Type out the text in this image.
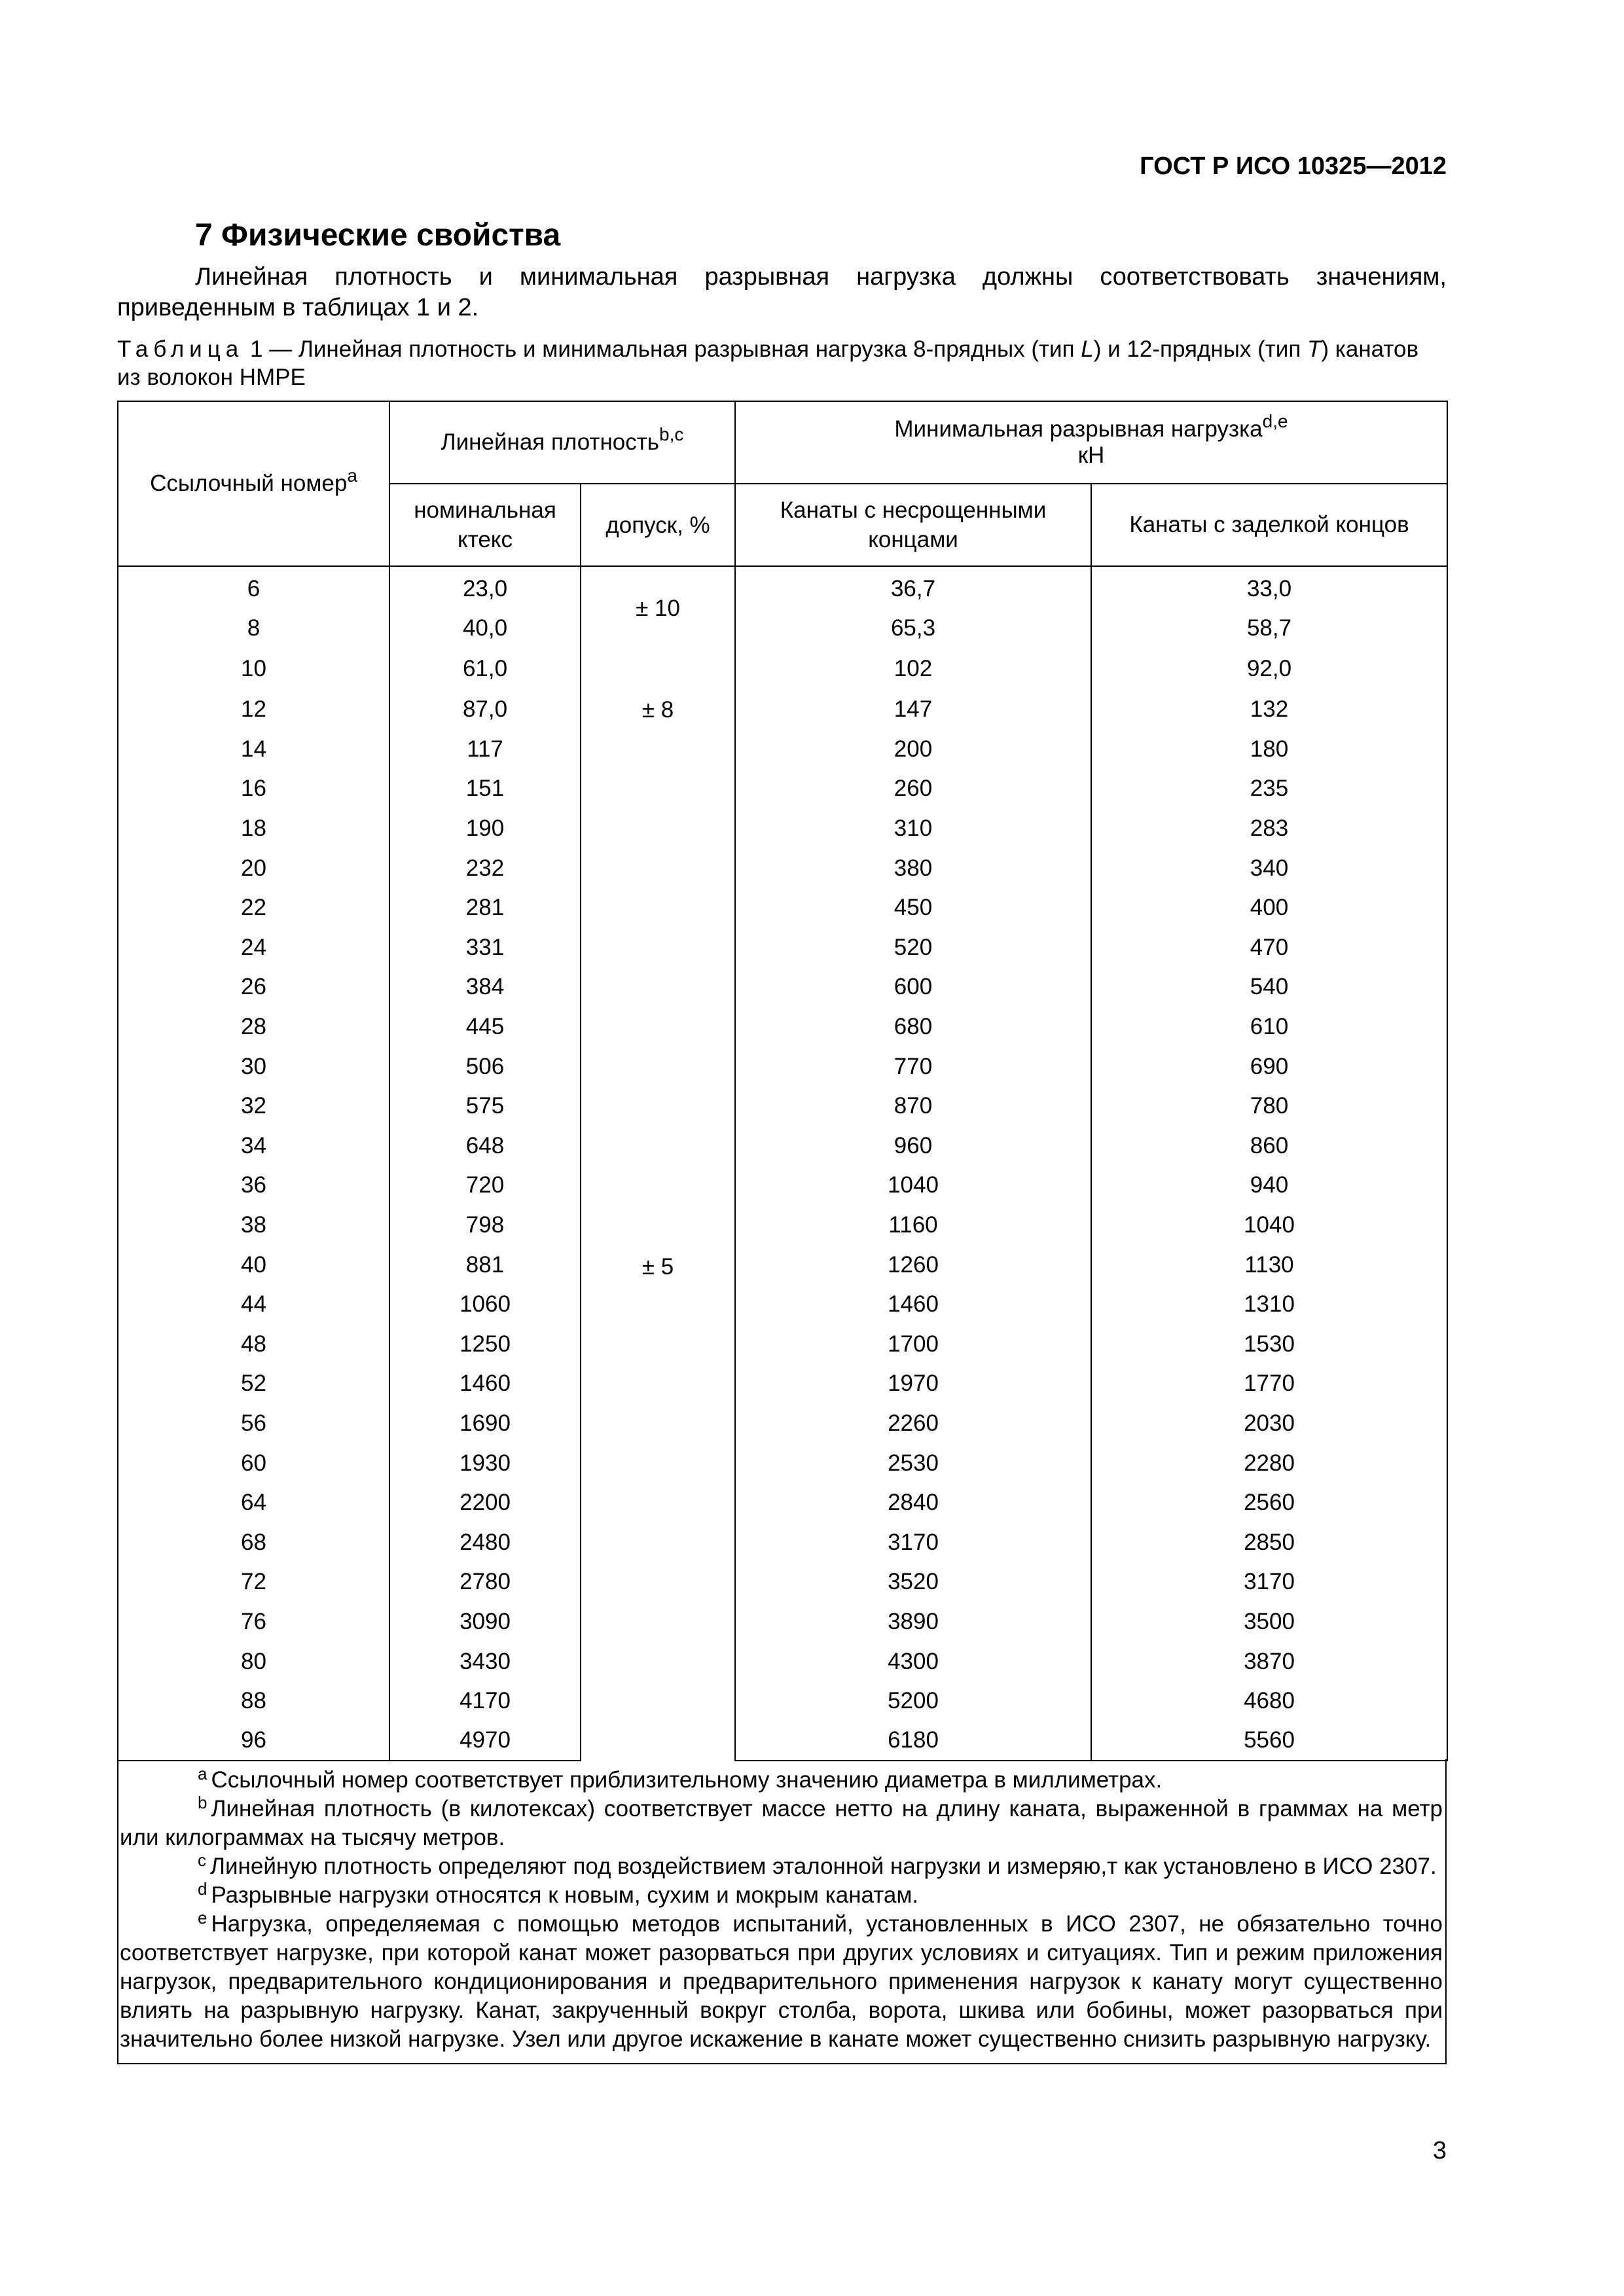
ГОСТ Р ИСО 10325—2012
7 Физические свойства
Линейная плотность и минимальная разрывная нагрузка должны соответствовать значениям, приведенным в таблицах 1 и 2.
Таблица 1 — Линейная плотность и минимальная разрывная нагрузка 8-прядных (тип L) и 12-прядных (тип T) канатов из волокон HMPE
Ссылочный номер$^a$	Линейная плотность$^{b,c}$		Минимальная разрывная нагрузка$^{d,e}$
кН	
	номинальная ктекс	допуск, %	Канаты с несрощенными концами	Канаты с заделкой концов
6	23,0	± 10	36,7	33,0
8	40,0		65,3	58,7
10	61,0	± 8	102	92,0
12	87,0		147	132
14	117	± 5	200	180
16	151		260	235
18	190		310	283
20	232		380	340
22	281		450	400
24	331		520	470
26	384		600	540
28	445		680	610
30	506		770	690
32	575		870	780
34	648		960	860
36	720		1040	940
38	798		1160	1040
40	881		1260	1130
44	1060		1460	1310
48	1250		1700	1530
52	1460		1970	1770
56	1690		2260	2030
60	1930		2530	2280
64	2200		2840	2560
68	2480		3170	2850
72	2780		3520	3170
76	3090		3890	3500
80	3430		4300	3870
88	4170		5200	4680
96	4970		6180	5560

$^a$ Ссылочный номер соответствует приблизительному значению диаметра в миллиметрах.

$^b$ Линейная плотность (в килотексах) соответствует массе нетто на длину каната, выраженной в граммах на метр или килограммах на тысячу метров.

$^c$ Линейную плотность определяют под воздействием эталонной нагрузки и измеряю,т как установлено в ИСО 2307.

$^d$ Разрывные нагрузки относятся к новым, сухим и мокрым канатам.

$^e$ Нагрузка, определяемая с помощью методов испытаний, установленных в ИСО 2307, не обязательно точно соответствует нагрузке, при которой канат может разорваться при других условиях и ситуациях. Тип и режим приложения нагрузок, предварительного кондиционирования и предварительного применения нагрузок к канату могут существенно влиять на разрывную нагрузку. Канат, закрученный вокруг столба, ворота, шкива или бобины, может разорваться при значительно более низкой нагрузке. Узел или другое искажение в канате может существенно снизить разрывную нагрузку.

3
